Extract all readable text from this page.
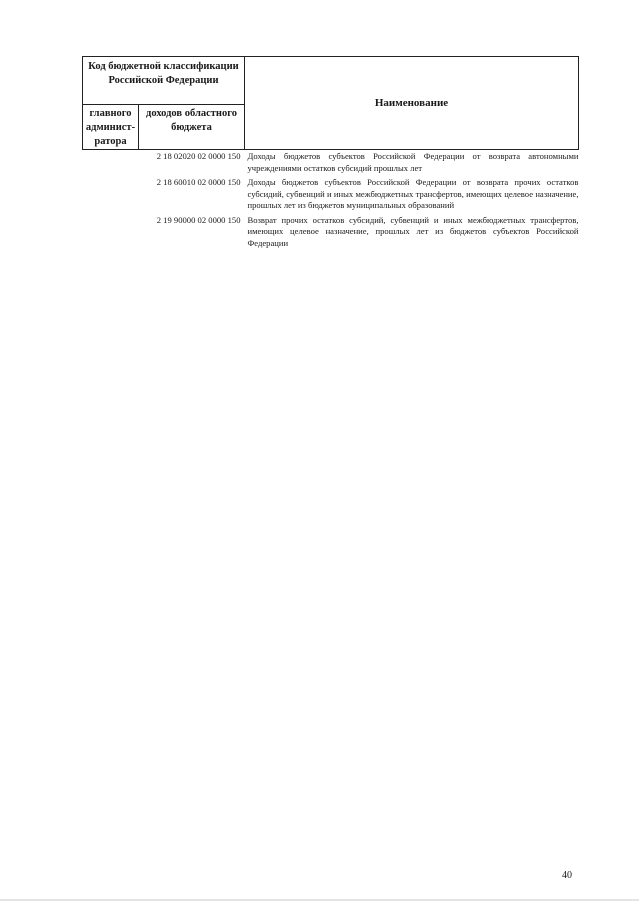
Код бюджетной классификации Российской Федерации		Наименование
главного админист-ратора	доходов областного бюджета	
	2 18 02020 02 0000 150	Доходы бюджетов субъектов Российской Федерации от возврата автономными учреждениями остатков субсидий прошлых лет
	2 18 60010 02 0000 150	Доходы бюджетов субъектов Российской Федерации от возврата прочих остатков субсидий, субвенций и иных межбюджетных трансфертов, имеющих целевое назначение, прошлых лет из бюджетов муниципальных образований
	2 19 90000 02 0000 150	Возврат прочих остатков субсидий, субвенций и иных межбюджетных трансфертов, имеющих целевое назначение, прошлых лет из бюджетов субъектов Российской Федерации
40
